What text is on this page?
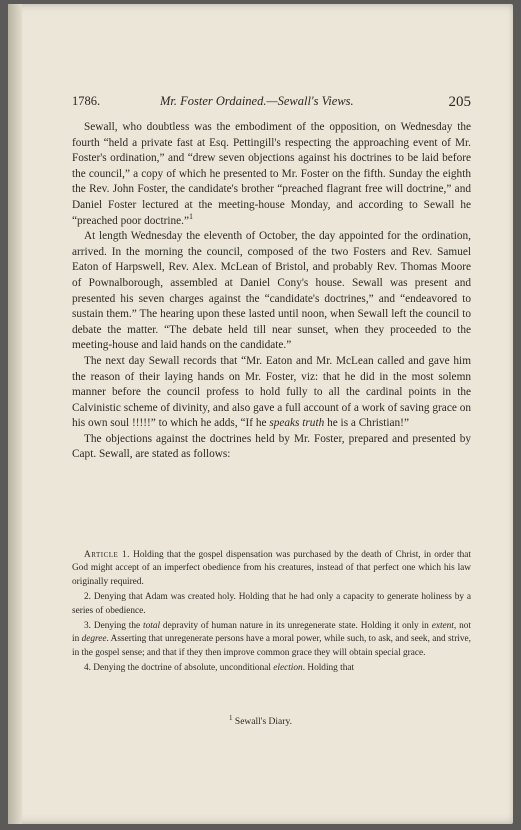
1786.	Mr. Foster Ordained.—Sewall's Views.	205

Sewall, who doubtless was the embodiment of the opposition, on Wednesday the fourth “held a private fast at Esq. Pettingill's respecting the approaching event of Mr. Foster's ordination,” and “drew seven objections against his doctrines to be laid before the council,” a copy of which he presented to Mr. Foster on the fifth. Sunday the eighth the Rev. John Foster, the candidate's brother “preached flagrant free will doctrine,” and Daniel Foster lectured at the meeting-house Monday, and according to Sewall he “preached poor doctrine.”$^1$

At length Wednesday the eleventh of October, the day appointed for the ordination, arrived. In the morning the council, composed of the two Fosters and Rev. Samuel Eaton of Harpswell, Rev. Alex. McLean of Bristol, and probably Rev. Thomas Moore of Pownalborough, assembled at Daniel Cony's house. Sewall was present and presented his seven charges against the “candidate's doctrines,” and “endeavored to sustain them.” The hearing upon these lasted until noon, when Sewall left the council to debate the matter. “The debate held till near sunset, when they proceeded to the meeting-house and laid hands on the candidate.”

The next day Sewall records that “Mr. Eaton and Mr. McLean called and gave him the reason of their laying hands on Mr. Foster, viz: that he did in the most solemn manner before the council profess to hold fully to all the cardinal points in the Calvinistic scheme of divinity, and also gave a full account of a work of saving grace on his own soul !!!!!” to which he adds, “If he speaks truth he is a Christian!”

The objections against the doctrines held by Mr. Foster, prepared and presented by Capt. Sewall, are stated as follows:

Article 1. Holding that the gospel dispensation was purchased by the death of Christ, in order that God might accept of an imperfect obedience from his creatures, instead of that perfect one which his law originally required.

2. Denying that Adam was created holy. Holding that he had only a capacity to generate holiness by a series of obedience.

3. Denying the total depravity of human nature in its unregenerate state. Holding it only in extent, not in degree. Asserting that unregenerate persons have a moral power, while such, to ask, and seek, and strive, in the gospel sense; and that if they then improve common grace they will obtain special grace.

4. Denying the doctrine of absolute, unconditional election. Holding that

$^1$ Sewall's Diary.
